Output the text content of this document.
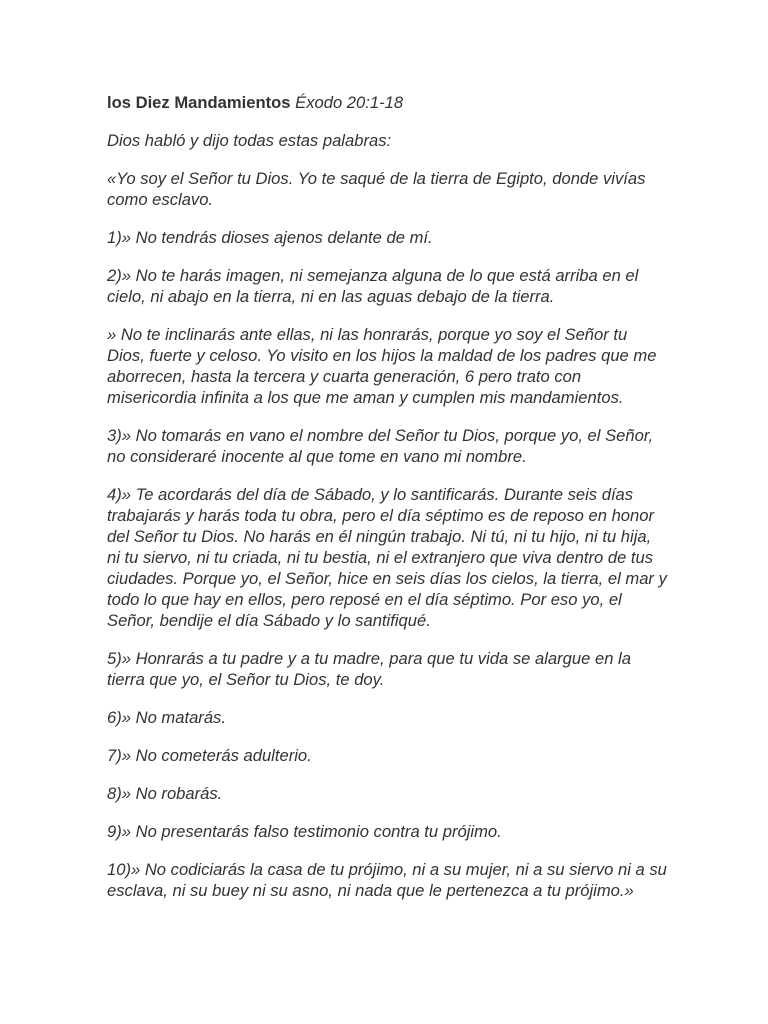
los Diez Mandamientos Éxodo 20:1-18

Dios habló y dijo todas estas palabras:

«Yo soy el Señor tu Dios. Yo te saqué de la tierra de Egipto, donde vivías como esclavo.

1)» No tendrás dioses ajenos delante de mí.

2)» No te harás imagen, ni semejanza alguna de lo que está arriba en el cielo, ni abajo en la tierra, ni en las aguas debajo de la tierra.

» No te inclinarás ante ellas, ni las honrarás, porque yo soy el Señor tu Dios, fuerte y celoso. Yo visito en los hijos la maldad de los padres que me aborrecen, hasta la tercera y cuarta generación, 6 pero trato con misericordia infinita a los que me aman y cumplen mis mandamientos.

3)» No tomarás en vano el nombre del Señor tu Dios, porque yo, el Señor, no consideraré inocente al que tome en vano mi nombre.

4)» Te acordarás del día de Sábado, y lo santificarás. Durante seis días trabajarás y harás toda tu obra, pero el día séptimo es de reposo en honor del Señor tu Dios. No harás en él ningún trabajo. Ni tú, ni tu hijo, ni tu hija, ni tu siervo, ni tu criada, ni tu bestia, ni el extranjero que viva dentro de tus ciudades. Porque yo, el Señor, hice en seis días los cielos, la tierra, el mar y todo lo que hay en ellos, pero reposé en el día séptimo. Por eso yo, el Señor, bendije el día Sábado y lo santifiqué.

5)» Honrarás a tu padre y a tu madre, para que tu vida se alargue en la tierra que yo, el Señor tu Dios, te doy.

6)» No matarás.

7)» No cometerás adulterio.

8)» No robarás.

9)» No presentarás falso testimonio contra tu prójimo.

10)» No codiciarás la casa de tu prójimo, ni a su mujer, ni a su siervo ni a su esclava, ni su buey ni su asno, ni nada que le pertenezca a tu prójimo.»
